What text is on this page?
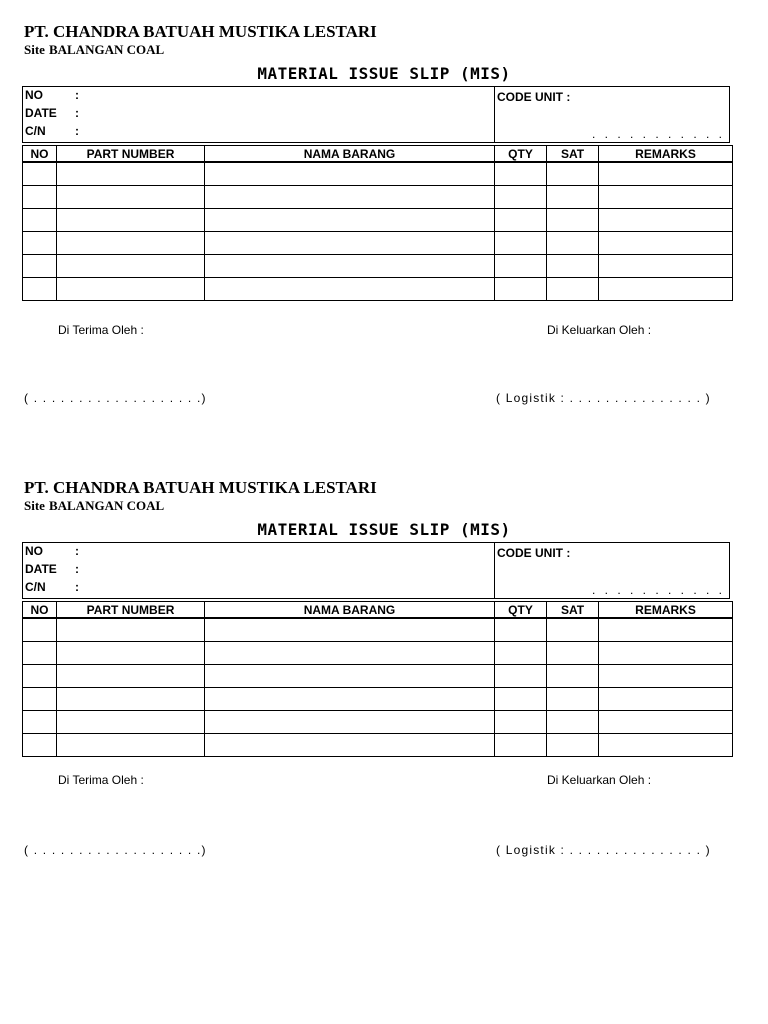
PT. CHANDRA BATUAH MUSTIKA LESTARI
Site BALANGAN COAL
MATERIAL ISSUE SLIP (MIS)
NO	:
DATE :
C/N :
CODE UNIT :
. . . . . . . . . . .
NO	PART NUMBER	NAMA BARANG	QTY	SAT	REMARKS

Di Terima Oleh :	Di Keluarkan Oleh :
( . . . . . . . . . . . . . . . . . . .)	( Logistik : . . . . . . . . . . . . . . . )
PT. CHANDRA BATUAH MUSTIKA LESTARI
Site BALANGAN COAL
MATERIAL ISSUE SLIP (MIS)
NO	:
DATE :
C/N :
CODE UNIT :
. . . . . . . . . . .
NO	PART NUMBER	NAMA BARANG	QTY	SAT	REMARKS

Di Terima Oleh :	Di Keluarkan Oleh :
( . . . . . . . . . . . . . . . . . . .)	( Logistik : . . . . . . . . . . . . . . . )
